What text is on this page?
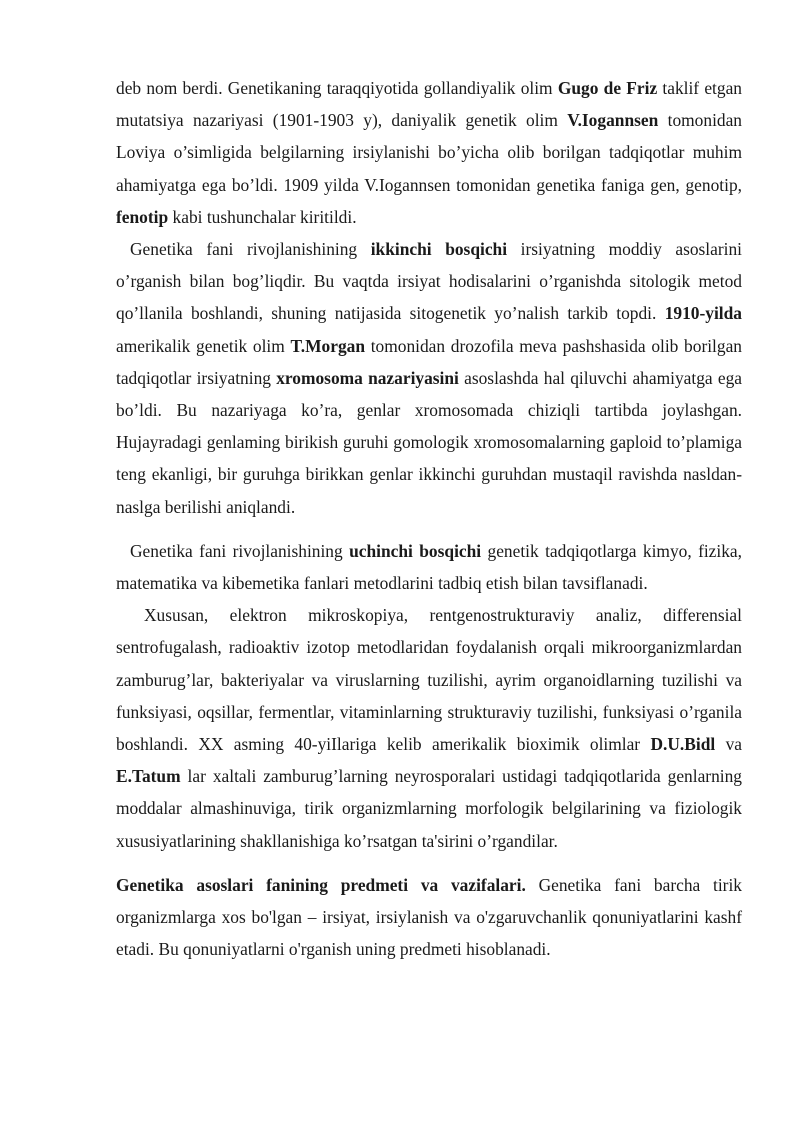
deb nom berdi. Genetikaning taraqqiyotida gollandiyalik olim Gugo de Friz taklif etgan mutatsiya nazariyasi (1901-1903 y), daniyalik genetik olim V.Iogannsen tomonidan Loviya o’simligida belgilarning irsiylanishi bo’yicha olib borilgan tadqiqotlar muhim ahamiyatga ega bo’ldi. 1909 yilda V.Iogannsen tomonidan genetika faniga gen, genotip, fenotip kabi tushunchalar kiritildi.

Genetika fani rivojlanishining ikkinchi bosqichi irsiyatning moddiy asoslarini o’rganish bilan bog’liqdir. Bu vaqtda irsiyat hodisalarini o’rganishda sitologik metod qo’llanila boshlandi, shuning natijasida sitogenetik yo’nalish tarkib topdi. 1910-yilda amerikalik genetik olim T.Morgan tomonidan drozofila meva pashshasida olib borilgan tadqiqotlar irsiyatning xromosoma nazariyasini asoslashda hal qiluvchi ahamiyatga ega bo’ldi. Bu nazariyaga ko’ra, genlar xromosomada chiziqli tartibda joylashgan. Hujayradagi genlaming birikish guruhi gomologik xromosomalarning gaploid to’plamiga teng ekanligi, bir guruhga birikkan genlar ikkinchi guruhdan mustaqil ravishda nasldan-naslga berilishi aniqlandi.

Genetika fani rivojlanishining uchinchi bosqichi genetik tadqiqotlarga kimyo, fizika, matematika va kibemetika fanlari metodlarini tadbiq etish bilan tavsiflanadi.

Xususan, elektron mikroskopiya, rentgenostrukturaviy analiz, differensial sentrofugalash, radioaktiv izotop metodlaridan foydalanish orqali mikroorganizmlardan zamburug’lar, bakteriyalar va viruslarning tuzilishi, ayrim organoidlarning tuzilishi va funksiyasi, oqsillar, fermentlar, vitaminlarning strukturaviy tuzilishi, funksiyasi o’rganila boshlandi. XX asming 40-yiIlariga kelib amerikalik bioximik olimlar D.U.Bidl va E.Tatum lar xaltali zamburug’larning neyrosporalari ustidagi tadqiqotlarida genlarning moddalar almashinuviga, tirik organizmlarning morfologik belgilarining va fiziologik xususiyatlarining shakllanishiga ko’rsatgan ta'sirini o’rgandilar.

Genetika asoslari fanining predmeti va vazifalari. Genetika fani barcha tirik organizmlarga xos bo'lgan – irsiyat, irsiylanish va o'zgaruvchanlik qonuniyatlarini kashf etadi. Bu qonuniyatlarni o'rganish uning predmeti hisoblanadi.
